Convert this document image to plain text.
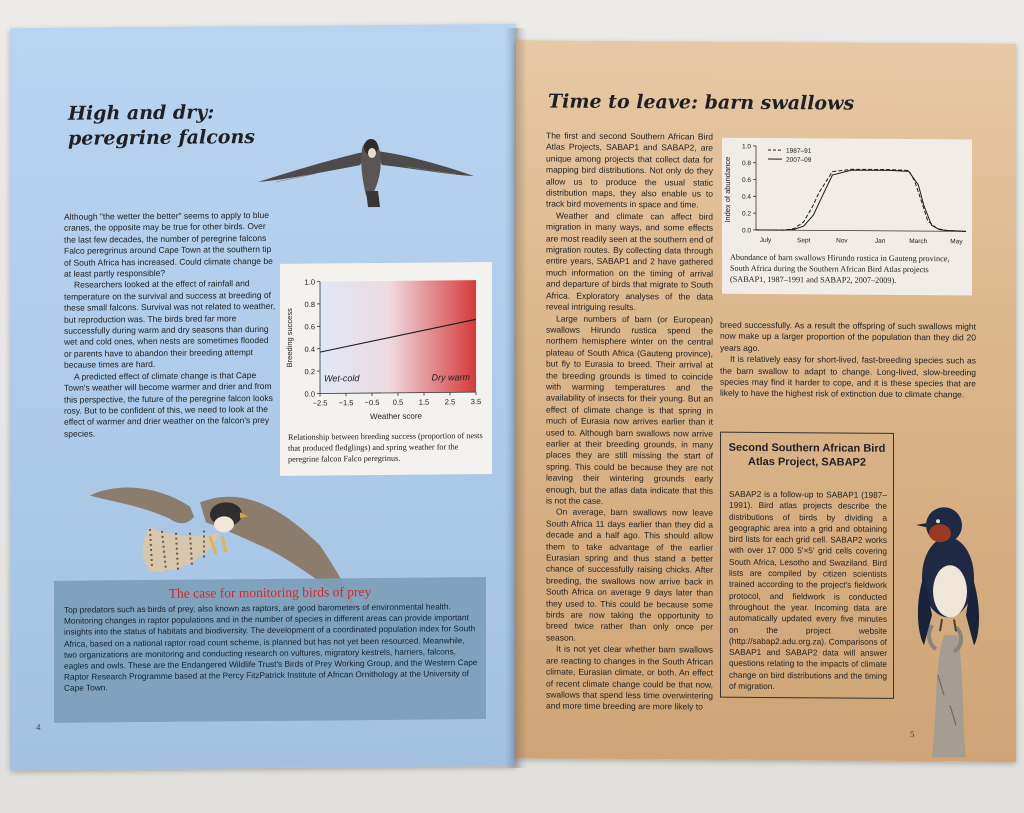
High and dry:
peregrine falcons

Although "the wetter the better" seems to apply to blue cranes, the opposite may be true for other birds. Over the last few decades, the number of peregrine falcons Falco peregrinus around Cape Town at the southern tip of South Africa has increased. Could climate change be at least partly responsible?

Researchers looked at the effect of rainfall and temperature on the survival and success at breeding of these small falcons. Survival was not related to weather, but reproduction was. The birds bred far more successfully during warm and dry seasons than during wet and cold ones, when nests are sometimes flooded or parents have to abandon their breeding attempt because times are hard.

A predicted effect of climate change is that Cape Town's weather will become warmer and drier and from this perspective, the future of the peregrine falcon looks rosy. But to be confident of this, we need to look at the effect of warmer and drier weather on the falcon's prey species.

0.0
0.2
0.4
0.6
0.8
1.0
−2.5 −1.5 −0.5 0.5 1.5 2.5 3.5
Wet-cold	Dry warm
Weather score
Breeding success
Relationship between breeding success (proportion of nests that produced fledglings) and spring weather for the peregrine falcon Falco peregrinus.
The case for monitoring birds of prey
Top predators such as birds of prey, also known as raptors, are good barometers of environmental health. Monitoring changes in raptor populations and in the number of species in different areas can provide important insights into the status of habitats and biodiversity. The development of a coordinated population index for South Africa, based on a national raptor road count scheme, is planned but has not yet been resourced. Meanwhile, two organizations are monitoring and conducting research on vultures, migratory kestrels, harriers, falcons, eagles and owls. These are the Endangered Wildlife Trust's Birds of Prey Working Group, and the Western Cape Raptor Research Programme based at the Percy FitzPatrick Institute of African Ornithology at the University of Cape Town.
4
Time to leave: barn swallows

The first and second Southern African Bird Atlas Projects, SABAP1 and SABAP2, are unique among projects that collect data for mapping bird distributions. Not only do they allow us to produce the usual static distribution maps, they also enable us to track bird movements in space and time.

Weather and climate can affect bird migration in many ways, and some effects are most readily seen at the southern end of migration routes. By collecting data through entire years, SABAP1 and 2 have gathered much information on the timing of arrival and departure of birds that migrate to South Africa. Exploratory analyses of the data reveal intriguing results.

Large numbers of barn (or European) swallows Hirundo rustica spend the northern hemisphere winter on the central plateau of South Africa (Gauteng province), but fly to Eurasia to breed. Their arrival at the breeding grounds is timed to coincide with warming temperatures and the availability of insects for their young. But an effect of climate change is that spring in much of Eurasia now arrives earlier than it used to. Although barn swallows now arrive earlier at their breeding grounds, in many places they are still missing the start of spring. This could be because they are not leaving their wintering grounds early enough, but the atlas data indicate that this is not the case.

On average, barn swallows now leave South Africa 11 days earlier than they did a decade and a half ago. This should allow them to take advantage of the earlier Eurasian spring and thus stand a better chance of successfully raising chicks. After breeding, the swallows now arrive back in South Africa on average 9 days later than they used to. This could be because some birds are now taking the opportunity to breed twice rather than only once per season.

It is not yet clear whether barn swallows are reacting to changes in the South African climate, Eurasian climate, or both. An effect of recent climate change could be that now, swallows that spend less time overwintering and more time breeding are more likely to

0.0
0.2
0.4
0.6
0.8
1.0
July	Sept	Nov	Jan	March	May
1987–91
2007–09
Index of abundance
Abundance of barn swallows Hirundo rustica in Gauteng province, South Africa during the Southern African Bird Atlas projects (SABAP1, 1987–1991 and SABAP2, 2007–2009).

breed successfully. As a result the offspring of such swallows might now make up a larger proportion of the population than they did 20 years ago.

It is relatively easy for short-lived, fast-breeding species such as the barn swallow to adapt to change. Long-lived, slow-breeding species may find it harder to cope, and it is these species that are likely to have the highest risk of extinction due to climate change.

Second Southern African Bird Atlas Project, SABAP2
SABAP2 is a follow-up to SABAP1 (1987–1991). Bird atlas projects describe the distributions of birds by dividing a geographic area into a grid and obtaining bird lists for each grid cell. SABAP2 works with over 17 000 5'×5' grid cells covering South Africa, Lesotho and Swaziland. Bird lists are compiled by citizen scientists trained according to the project's fieldwork protocol, and fieldwork is conducted throughout the year. Incoming data are automatically updated every five minutes on the project website (http://sabap2.adu.org.za). Comparisons of SABAP1 and SABAP2 data will answer questions relating to the impacts of climate change on bird distributions and the timing of migration.
5
